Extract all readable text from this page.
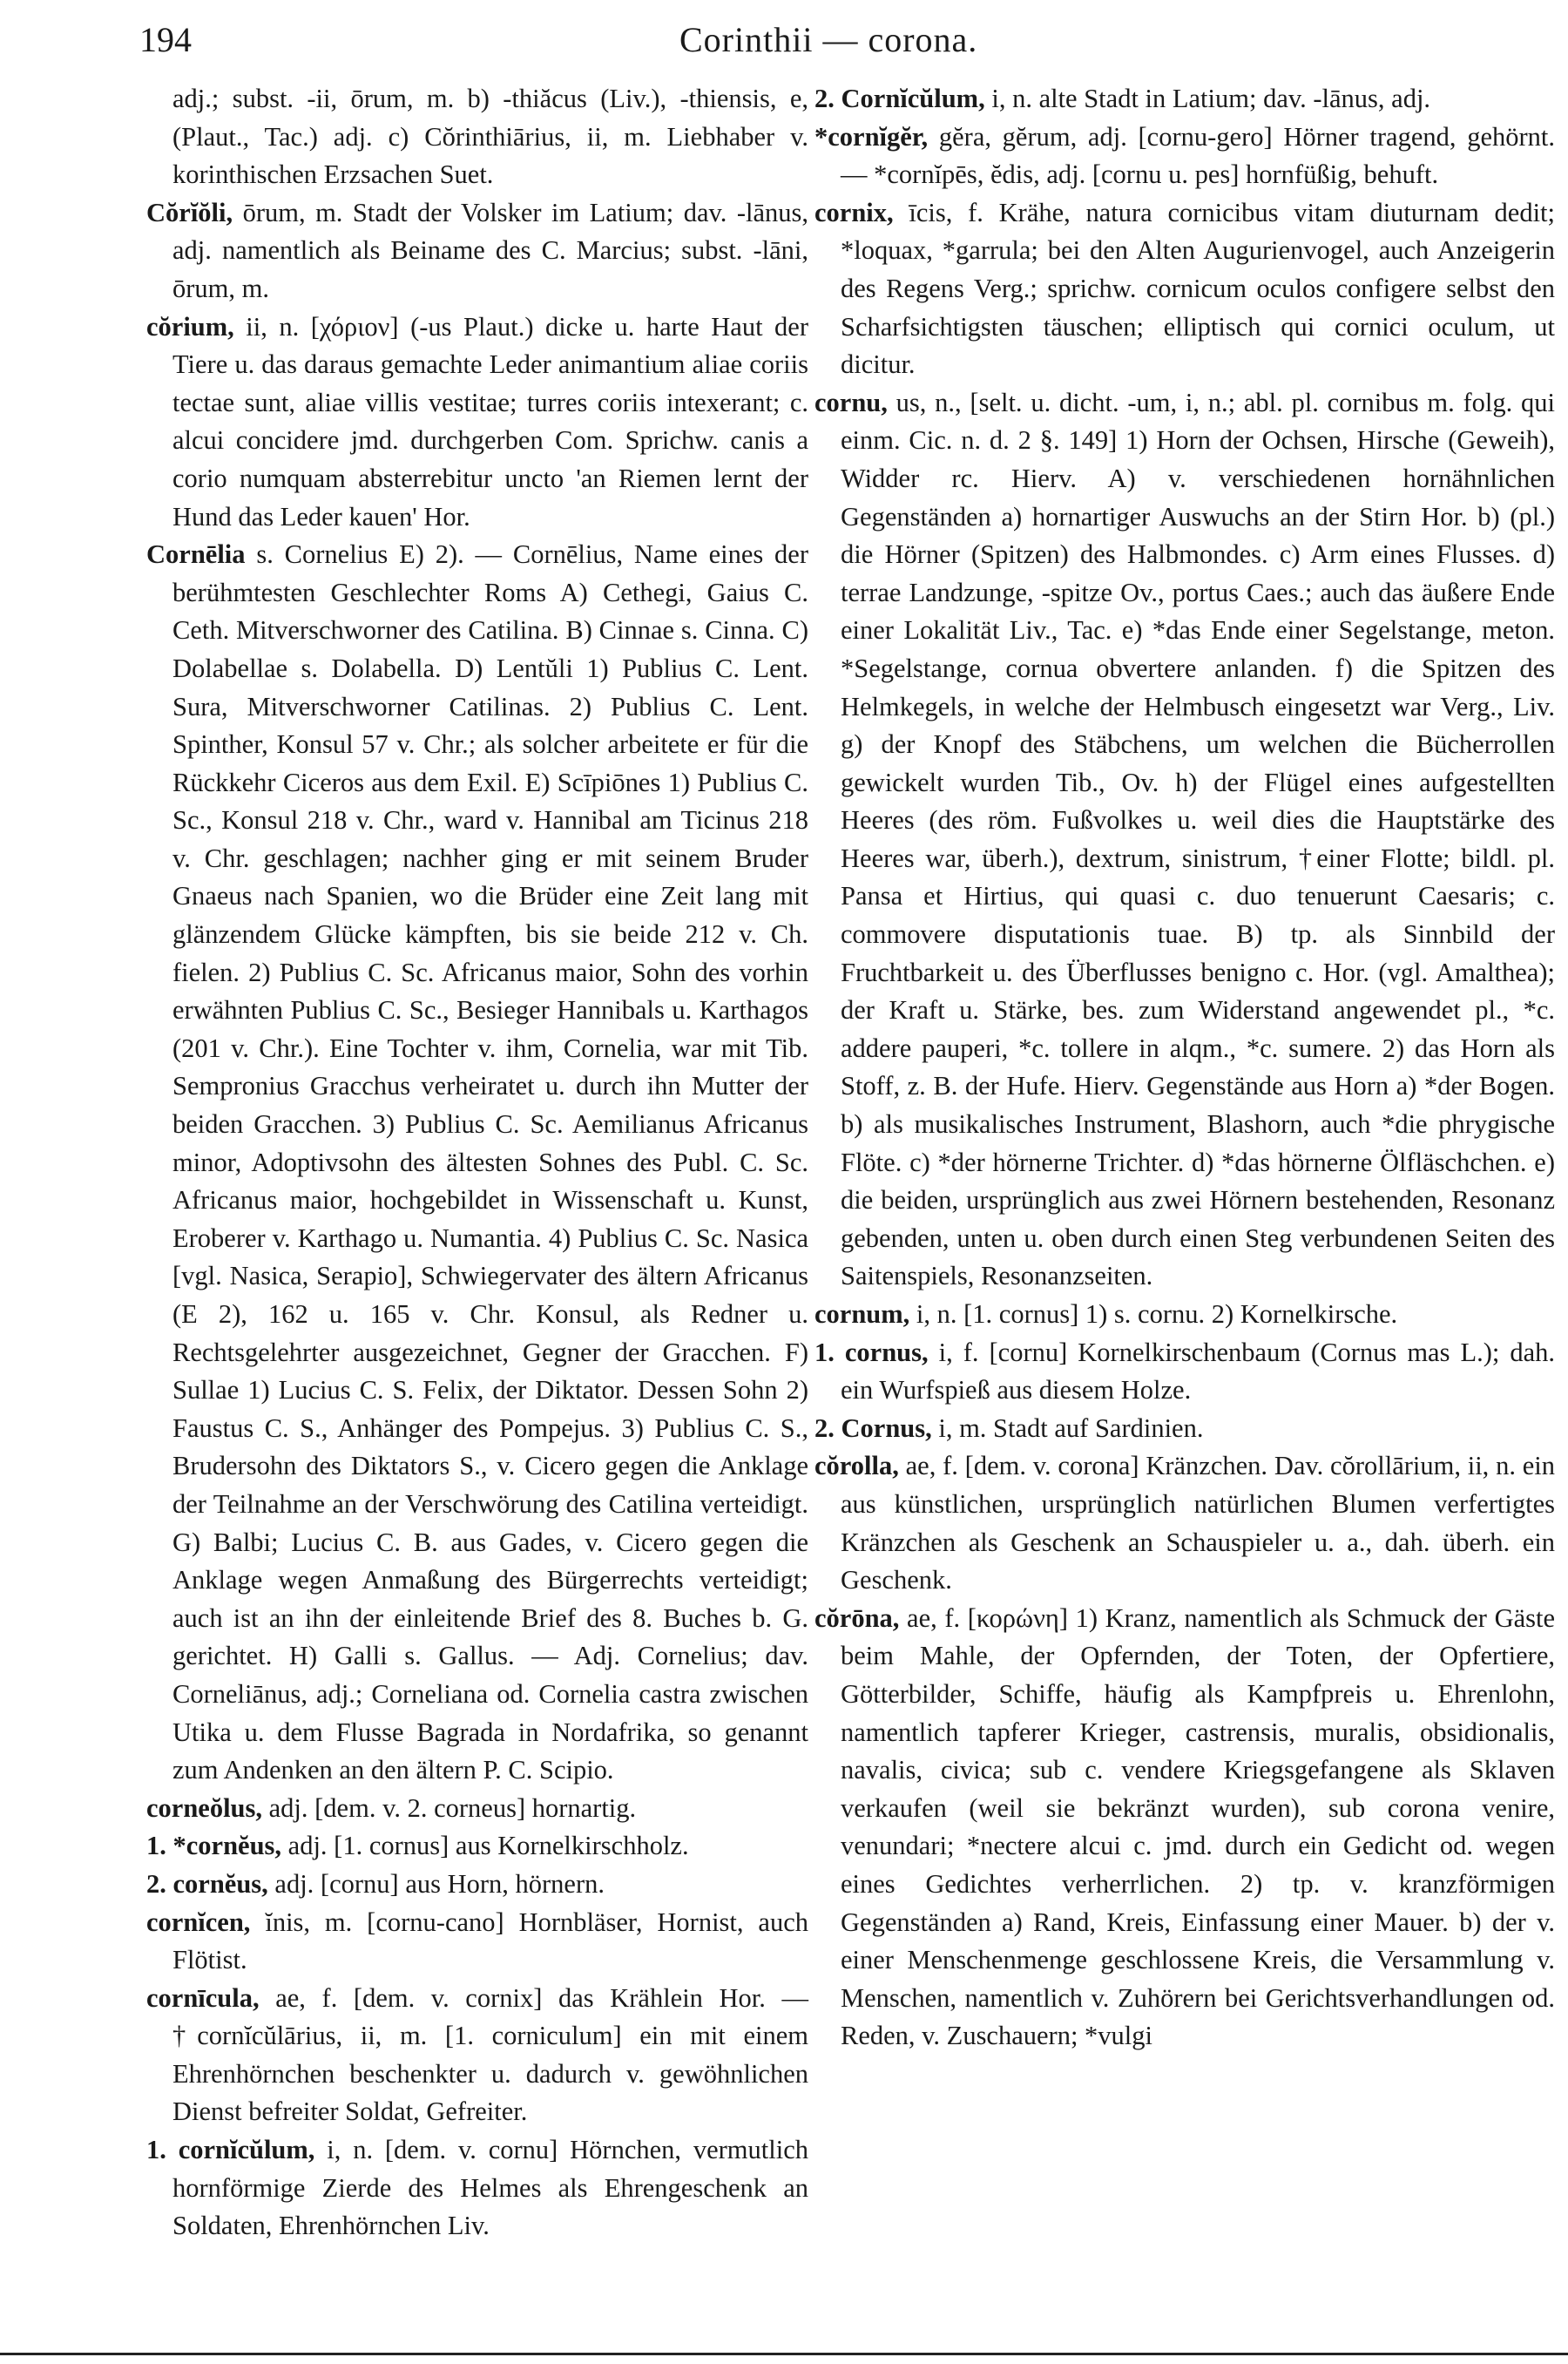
194	Corinthii — corona.

adj.; subst. -ii, ōrum, m. b) -thiăcus (Liv.), -thiensis, e, (Plaut., Tac.) adj. c) Cŏrinthiārius, ii, m. Liebhaber v. korinthischen Erzsachen Suet.

Cŏrĭŏli, ōrum, m. Stadt der Volsker im Latium; dav. -lānus, adj. namentlich als Beiname des C. Marcius; subst. -lāni, ōrum, m.

cŏrium, ii, n. [χόριον] (-us Plaut.) dicke u. harte Haut der Tiere u. das daraus gemachte Leder animantium aliae coriis tectae sunt, aliae villis vestitae; turres coriis intexerant; c. alcui concidere jmd. durchgerben Com. Sprichw. canis a corio numquam absterrebitur uncto 'an Riemen lernt der Hund das Leder kauen' Hor.

Cornēlia s. Cornelius E) 2). — Cornēlius, Name eines der berühmtesten Geschlechter Roms A) Cethegi, Gaius C. Ceth. Mitverschworner des Catilina. B) Cinnae s. Cinna. C) Dolabellae s. Dolabella. D) Lentŭli 1) Publius C. Lent. Sura, Mitverschworner Catilinas. 2) Publius C. Lent. Spinther, Konsul 57 v. Chr.; als solcher arbeitete er für die Rückkehr Ciceros aus dem Exil. E) Scīpiōnes 1) Publius C. Sc., Konsul 218 v. Chr., ward v. Hannibal am Ticinus 218 v. Chr. geschlagen; nachher ging er mit seinem Bruder Gnaeus nach Spanien, wo die Brüder eine Zeit lang mit glänzendem Glücke kämpften, bis sie beide 212 v. Ch. fielen. 2) Publius C. Sc. Africanus maior, Sohn des vorhin erwähnten Publius C. Sc., Besieger Hannibals u. Karthagos (201 v. Chr.). Eine Tochter v. ihm, Cornelia, war mit Tib. Sempronius Gracchus verheiratet u. durch ihn Mutter der beiden Gracchen. 3) Publius C. Sc. Aemilianus Africanus minor, Adoptivsohn des ältesten Sohnes des Publ. C. Sc. Africanus maior, hochgebildet in Wissenschaft u. Kunst, Eroberer v. Karthago u. Numantia. 4) Publius C. Sc. Nasica [vgl. Nasica, Serapio], Schwiegervater des ältern Africanus (E 2), 162 u. 165 v. Chr. Konsul, als Redner u. Rechtsgelehrter ausgezeichnet, Gegner der Gracchen. F) Sullae 1) Lucius C. S. Felix, der Diktator. Dessen Sohn 2) Faustus C. S., Anhänger des Pompejus. 3) Publius C. S., Brudersohn des Diktators S., v. Cicero gegen die Anklage der Teilnahme an der Verschwörung des Catilina verteidigt. G) Balbi; Lucius C. B. aus Gades, v. Cicero gegen die Anklage wegen Anmaßung des Bürgerrechts verteidigt; auch ist an ihn der einleitende Brief des 8. Buches b. G. gerichtet. H) Galli s. Gallus. — Adj. Cornelius; dav. Corneliānus, adj.; Corneliana od. Cornelia castra zwischen Utika u. dem Flusse Bagrada in Nordafrika, so genannt zum Andenken an den ältern P. C. Scipio.

corneŏlus, adj. [dem. v. 2. corneus] hornartig.

1. *cornĕus, adj. [1. cornus] aus Kornelkirschholz.

2. cornĕus, adj. [cornu] aus Horn, hörnern.

cornĭcen, ĭnis, m. [cornu-cano] Hornbläser, Hornist, auch Flötist.

cornīcula, ae, f. [dem. v. cornix] das Krählein Hor. — †cornĭcŭlārius, ii, m. [1. corniculum] ein mit einem Ehrenhörnchen beschenkter u. dadurch v. gewöhnlichen Dienst befreiter Soldat, Gefreiter.

1. cornĭcŭlum, i, n. [dem. v. cornu] Hörnchen, vermutlich hornförmige Zierde des Helmes als Ehrengeschenk an Soldaten, Ehrenhörnchen Liv.

2. Cornĭcŭlum, i, n. alte Stadt in Latium; dav. -lānus, adj.

*cornĭgĕr, gĕra, gĕrum, adj. [cornu-gero] Hörner tragend, gehörnt. — *cornĭpēs, ĕdis, adj. [cornu u. pes] hornfüßig, behuft.

cornix, īcis, f. Krähe, natura cornicibus vitam diuturnam dedit; *loquax, *garrula; bei den Alten Augurienvogel, auch Anzeigerin des Regens Verg.; sprichw. cornicum oculos configere selbst den Scharfsichtigsten täuschen; elliptisch qui cornici oculum, ut dicitur.

cornu, us, n., [selt. u. dicht. -um, i, n.; abl. pl. cornibus m. folg. qui einm. Cic. n. d. 2 §. 149] 1) Horn der Ochsen, Hirsche (Geweih), Widder rc. Hierv. A) v. verschiedenen hornähnlichen Gegenständen a) hornartiger Auswuchs an der Stirn Hor. b) (pl.) die Hörner (Spitzen) des Halbmondes. c) Arm eines Flusses. d) terrae Landzunge, -spitze Ov., portus Caes.; auch das äußere Ende einer Lokalität Liv., Tac. e) *das Ende einer Segelstange, meton. *Segelstange, cornua obvertere anlanden. f) die Spitzen des Helmkegels, in welche der Helmbusch eingesetzt war Verg., Liv. g) der Knopf des Stäbchens, um welchen die Bücherrollen gewickelt wurden Tib., Ov. h) der Flügel eines aufgestellten Heeres (des röm. Fußvolkes u. weil dies die Hauptstärke des Heeres war, überh.), dextrum, sinistrum, †einer Flotte; bildl. pl. Pansa et Hirtius, qui quasi c. duo tenuerunt Caesaris; c. commovere disputationis tuae. B) tp. als Sinnbild der Fruchtbarkeit u. des Überflusses benigno c. Hor. (vgl. Amalthea); der Kraft u. Stärke, bes. zum Widerstand angewendet pl., *c. addere pauperi, *c. tollere in alqm., *c. sumere. 2) das Horn als Stoff, z. B. der Hufe. Hierv. Gegenstände aus Horn a) *der Bogen. b) als musikalisches Instrument, Blashorn, auch *die phrygische Flöte. c) *der hörnerne Trichter. d) *das hörnerne Ölfläschchen. e) die beiden, ursprünglich aus zwei Hörnern bestehenden, Resonanz gebenden, unten u. oben durch einen Steg verbundenen Seiten des Saitenspiels, Resonanzseiten.

cornum, i, n. [1. cornus] 1) s. cornu. 2) Kornelkirsche.

1. cornus, i, f. [cornu] Kornelkirschenbaum (Cornus mas L.); dah. ein Wurfspieß aus diesem Holze.

2. Cornus, i, m. Stadt auf Sardinien.

cŏrolla, ae, f. [dem. v. corona] Kränzchen. Dav. cŏrollārium, ii, n. ein aus künstlichen, ursprünglich natürlichen Blumen verfertigtes Kränzchen als Geschenk an Schauspieler u. a., dah. überh. ein Geschenk.

cŏrōna, ae, f. [κορώνη] 1) Kranz, namentlich als Schmuck der Gäste beim Mahle, der Opfernden, der Toten, der Opfertiere, Götterbilder, Schiffe, häufig als Kampfpreis u. Ehrenlohn, namentlich tapferer Krieger, castrensis, muralis, obsidionalis, navalis, civica; sub c. vendere Kriegsgefangene als Sklaven verkaufen (weil sie bekränzt wurden), sub corona venire, venundari; *nectere alcui c. jmd. durch ein Gedicht od. wegen eines Gedichtes verherrlichen. 2) tp. v. kranzförmigen Gegenständen a) Rand, Kreis, Einfassung einer Mauer. b) der v. einer Menschenmenge geschlossene Kreis, die Versammlung v. Menschen, namentlich v. Zuhörern bei Gerichtsverhandlungen od. Reden, v. Zuschauern; *vulgi
